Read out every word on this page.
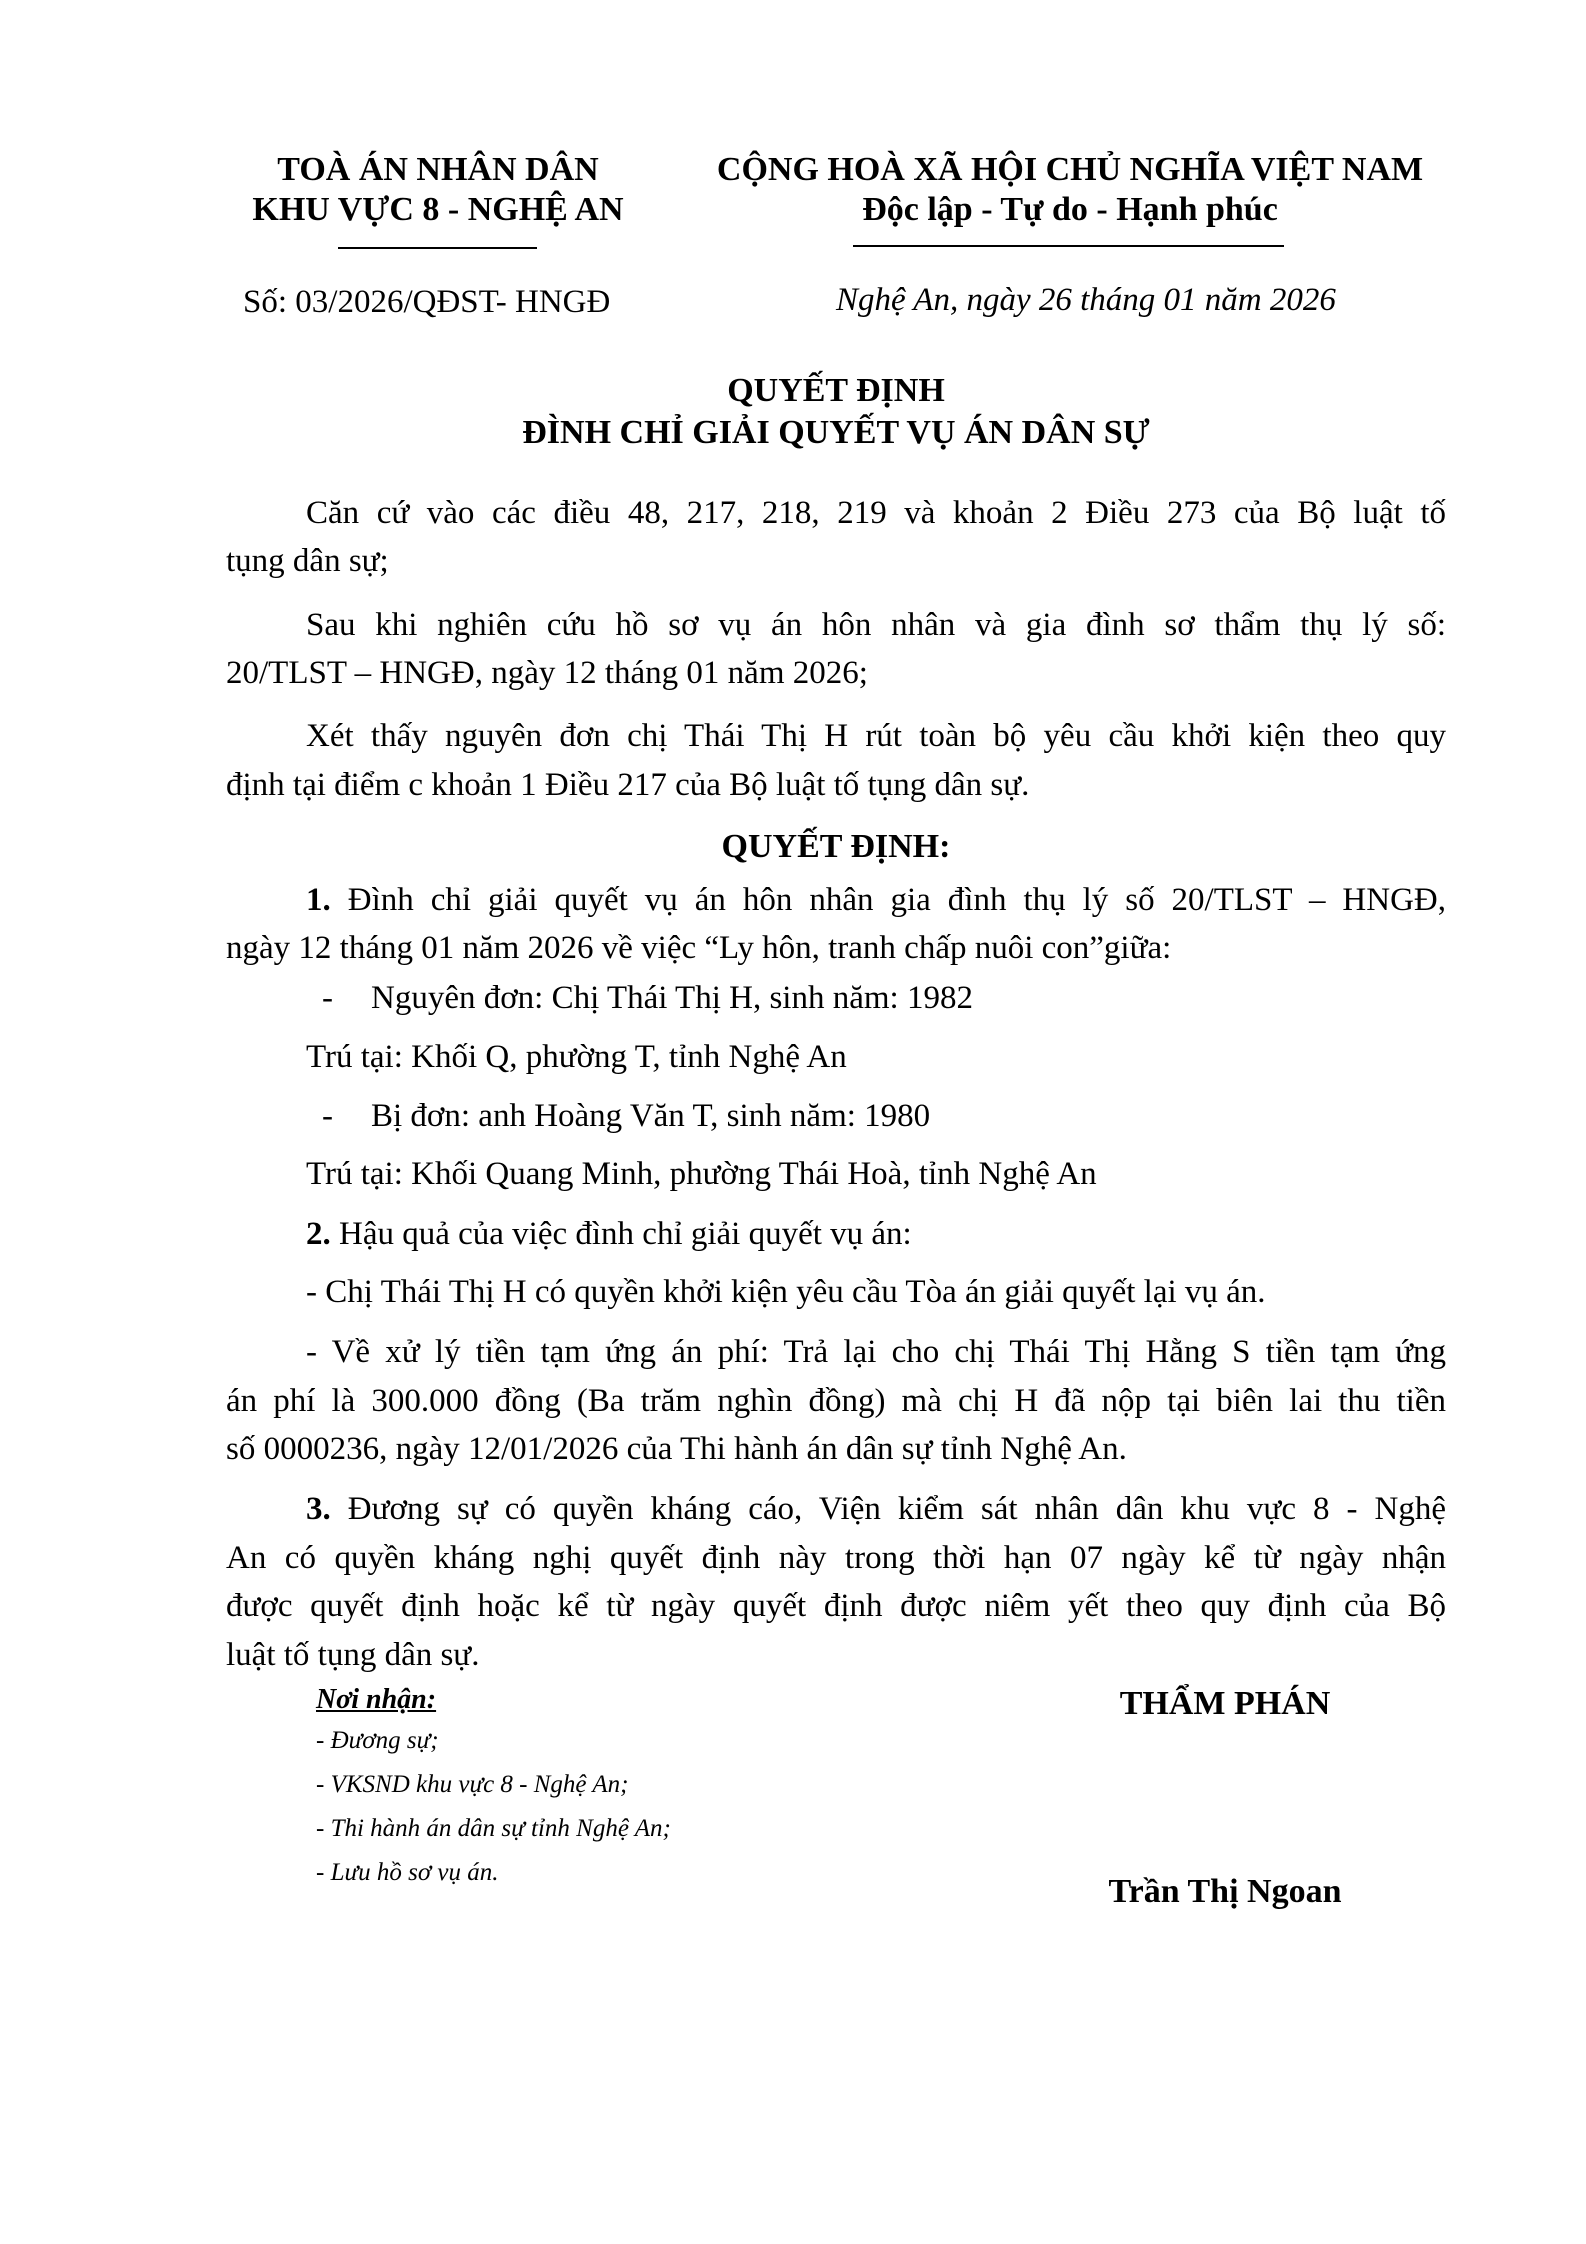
TOÀ ÁN NHÂN DÂN
KHU VỰC 8 - NGHỆ AN
CỘNG HOÀ XÃ HỘI CHỦ NGHĨA VIỆT NAM
Độc lập - Tự do - Hạnh phúc
Số: 03/2026/QĐST- HNGĐ	Nghệ An, ngày 26 tháng 01 năm 2026
QUYẾT ĐỊNH
ĐÌNH CHỈ GIẢI QUYẾT VỤ ÁN DÂN SỰ
Căn cứ vào các điều 48, 217, 218, 219 và khoản 2 Điều 273 của Bộ luật tố
tụng dân sự;
Sau khi nghiên cứu hồ sơ vụ án hôn nhân và gia đình sơ thẩm thụ lý số:
20/TLST – HNGĐ, ngày 12 tháng 01 năm 2026;
Xét thấy nguyên đơn chị Thái Thị H rút toàn bộ yêu cầu khởi kiện theo quy
định tại điểm c khoản 1 Điều 217 của Bộ luật tố tụng dân sự.
QUYẾT ĐỊNH:
1. Đình chỉ giải quyết vụ án hôn nhân gia đình thụ lý số 20/TLST – HNGĐ,
ngày 12 tháng 01 năm 2026 về việc “Ly hôn, tranh chấp nuôi con”giữa:
- Nguyên đơn: Chị Thái Thị H, sinh năm: 1982
Trú tại: Khối Q, phường T, tỉnh Nghệ An
- Bị đơn: anh Hoàng Văn T, sinh năm: 1980
Trú tại: Khối Quang Minh, phường Thái Hoà, tỉnh Nghệ An
2. Hậu quả của việc đình chỉ giải quyết vụ án:
- Chị Thái Thị H có quyền khởi kiện yêu cầu Tòa án giải quyết lại vụ án.
- Về xử lý tiền tạm ứng án phí: Trả lại cho chị Thái Thị Hằng S tiền tạm ứng
án phí là 300.000 đồng (Ba trăm nghìn đồng) mà chị H đã nộp tại biên lai thu tiền
số 0000236, ngày 12/01/2026 của Thi hành án dân sự tỉnh Nghệ An.
3. Đương sự có quyền kháng cáo, Viện kiểm sát nhân dân khu vực 8 - Nghệ
An có quyền kháng nghị quyết định này trong thời hạn 07 ngày kể từ ngày nhận
được quyết định hoặc kể từ ngày quyết định được niêm yết theo quy định của Bộ
luật tố tụng dân sự.
Nơi nhận:
- Đương sự;
- VKSND khu vực 8 - Nghệ An;
- Thi hành án dân sự tỉnh Nghệ An;
- Lưu hồ sơ vụ án.
THẨM PHÁN
Trần Thị Ngoan
